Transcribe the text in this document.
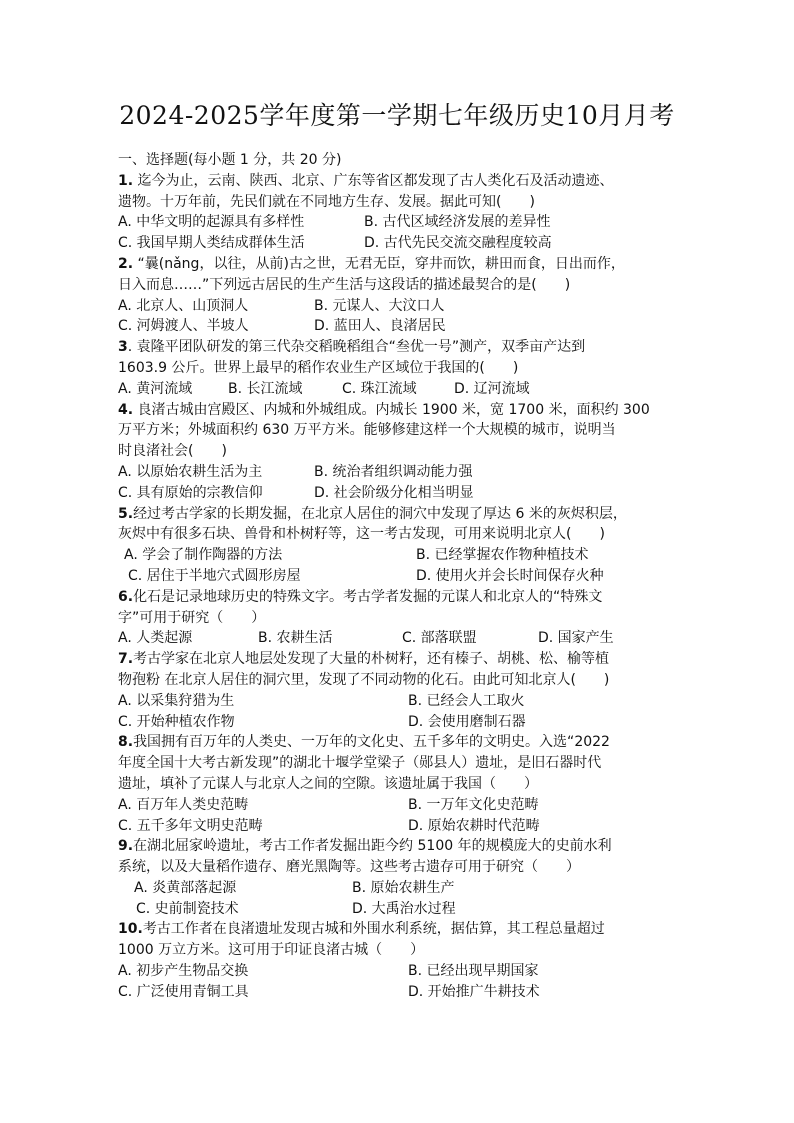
2024-2025学年度第一学期七年级历史10月月考
一、选择题(每小题 1 分，共 20 分)
1. 迄今为止，云南、陕西、北京、广东等省区都发现了古人类化石及活动遗迹、
遗物。十万年前，先民们就在不同地方生存、发展。据此可知(　　)
A. 中华文明的起源具有多样性	B. 古代区域经济发展的差异性
C. 我国早期人类结成群体生活	D. 古代先民交流交融程度较高
2. “曩(nǎng，以往，从前)古之世，无君无臣，穿井而饮，耕田而食，日出而作，
日入而息……”下列远古居民的生产生活与这段话的描述最契合的是(　　)
A. 北京人、山顶洞人	B. 元谋人、大汶口人
C. 河姆渡人、半坡人	D. 蓝田人、良渚居民
3. 袁隆平团队研发的第三代杂交稻晚稻组合“叁优一号”测产，双季亩产达到
1603.9 公斤。世界上最早的稻作农业生产区域位于我国的(　　)
A. 黄河流域	B. 长江流域	C. 珠江流域	D. 辽河流域
4. 良渚古城由宫殿区、内城和外城组成。内城长 1900 米，宽 1700 米，面积约 300
万平方米；外城面积约 630 万平方米。能够修建这样一个大规模的城市，说明当
时良渚社会(　　)
A. 以原始农耕生活为主	B. 统治者组织调动能力强
C. 具有原始的宗教信仰	D. 社会阶级分化相当明显
5.经过考古学家的长期发掘，在北京人居住的洞穴中发现了厚达 6 米的灰烬积层，
灰烬中有很多石块、兽骨和朴树籽等，这一考古发现，可用来说明北京人(　　)
A. 学会了制作陶器的方法	B. 已经掌握农作物种植技术
C. 居住于半地穴式圆形房屋	D. 使用火并会长时间保存火种
6.化石是记录地球历史的特殊文字。考古学者发掘的元谋人和北京人的“特殊文
字”可用于研究（　　）
A. 人类起源	B. 农耕生活	C. 部落联盟	D. 国家产生
7.考古学家在北京人地层处发现了大量的朴树籽，还有榛子、胡桃、松、榆等植
物孢粉 在北京人居住的洞穴里，发现了不同动物的化石。由此可知北京人(　　)
A. 以采集狩猎为生	B. 已经会人工取火
C. 开始种植农作物	D. 会使用磨制石器
8.我国拥有百万年的人类史、一万年的文化史、五千多年的文明史。入选“2022
年度全国十大考古新发现”的湖北十堰学堂梁子（郧县人）遗址，是旧石器时代
遗址，填补了元谋人与北京人之间的空隙。该遗址属于我国（　　）
A. 百万年人类史范畴	B. 一万年文化史范畴
C. 五千多年文明史范畴	D. 原始农耕时代范畴
9.在湖北屈家岭遗址，考古工作者发掘出距今约 5100 年的规模庞大的史前水利
系统，以及大量稻作遗存、磨光黑陶等。这些考古遗存可用于研究（　　）
A. 炎黄部落起源	B. 原始农耕生产
C. 史前制瓷技术	D. 大禹治水过程
10.考古工作者在良渚遗址发现古城和外围水利系统，据估算，其工程总量超过
1000 万立方米。这可用于印证良渚古城（　　）
A. 初步产生物品交换	B. 已经出现早期国家
C. 广泛使用青铜工具	D. 开始推广牛耕技术
